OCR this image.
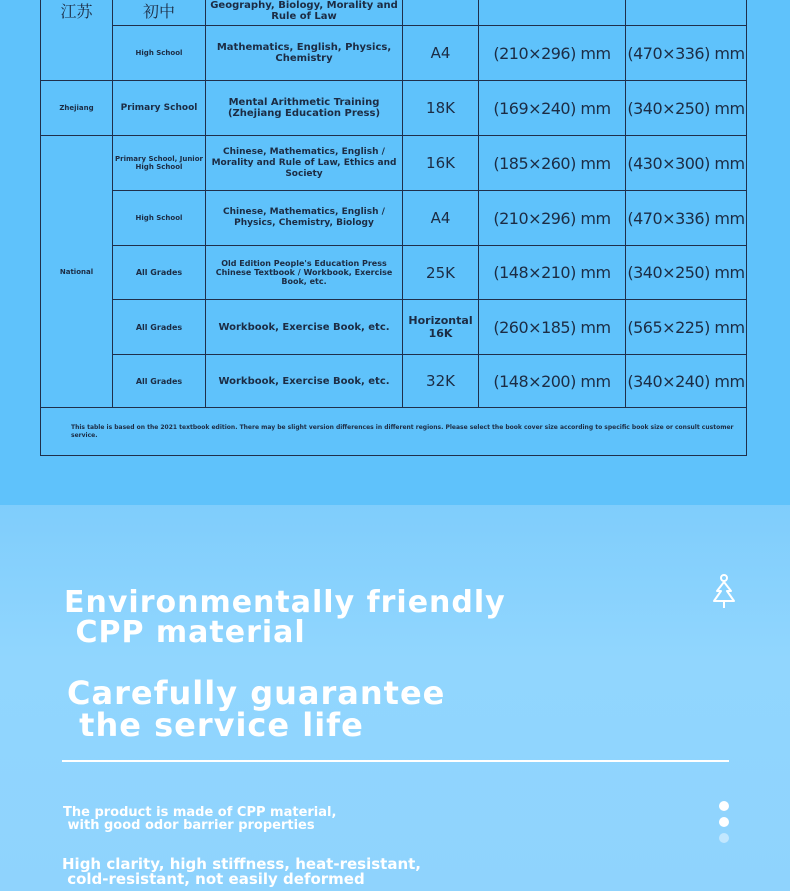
江苏	初中	Geography, Biology, Morality and Rule of Law			

	High School	Mathematics, English, Physics, Chemistry	A4	(210×296) mm	(470×336) mm
Zhejiang	Primary School	Mental Arithmetic Training (Zhejiang Education Press)	18K	(169×240) mm	(340×250) mm
National	Primary School, Junior High School	Chinese, Mathematics, English / Morality and Rule of Law, Ethics and Society	16K	(185×260) mm	(430×300) mm

	High School	Chinese, Mathematics, English / Physics, Chemistry, Biology	A4	(210×296) mm	(470×336) mm
	All Grades	Old Edition People's Education Press Chinese Textbook / Workbook, Exercise Book, etc.	25K	(148×210) mm	(340×250) mm
	All Grades	Workbook, Exercise Book, etc.	Horizontal 16K	(260×185) mm	(565×225) mm
	All Grades	Workbook, Exercise Book, etc.	32K	(148×200) mm	(340×240) mm
This table is based on the 2021 textbook edition. There may be slight version differences in different regions. Please select the book cover size according to specific book size or consult customer service.					
Environmentally friendly
CPP material
Carefully guarantee
the service life
The product is made of CPP material,
with good odor barrier properties
High clarity, high stiffness, heat-resistant,
cold-resistant, not easily deformed
